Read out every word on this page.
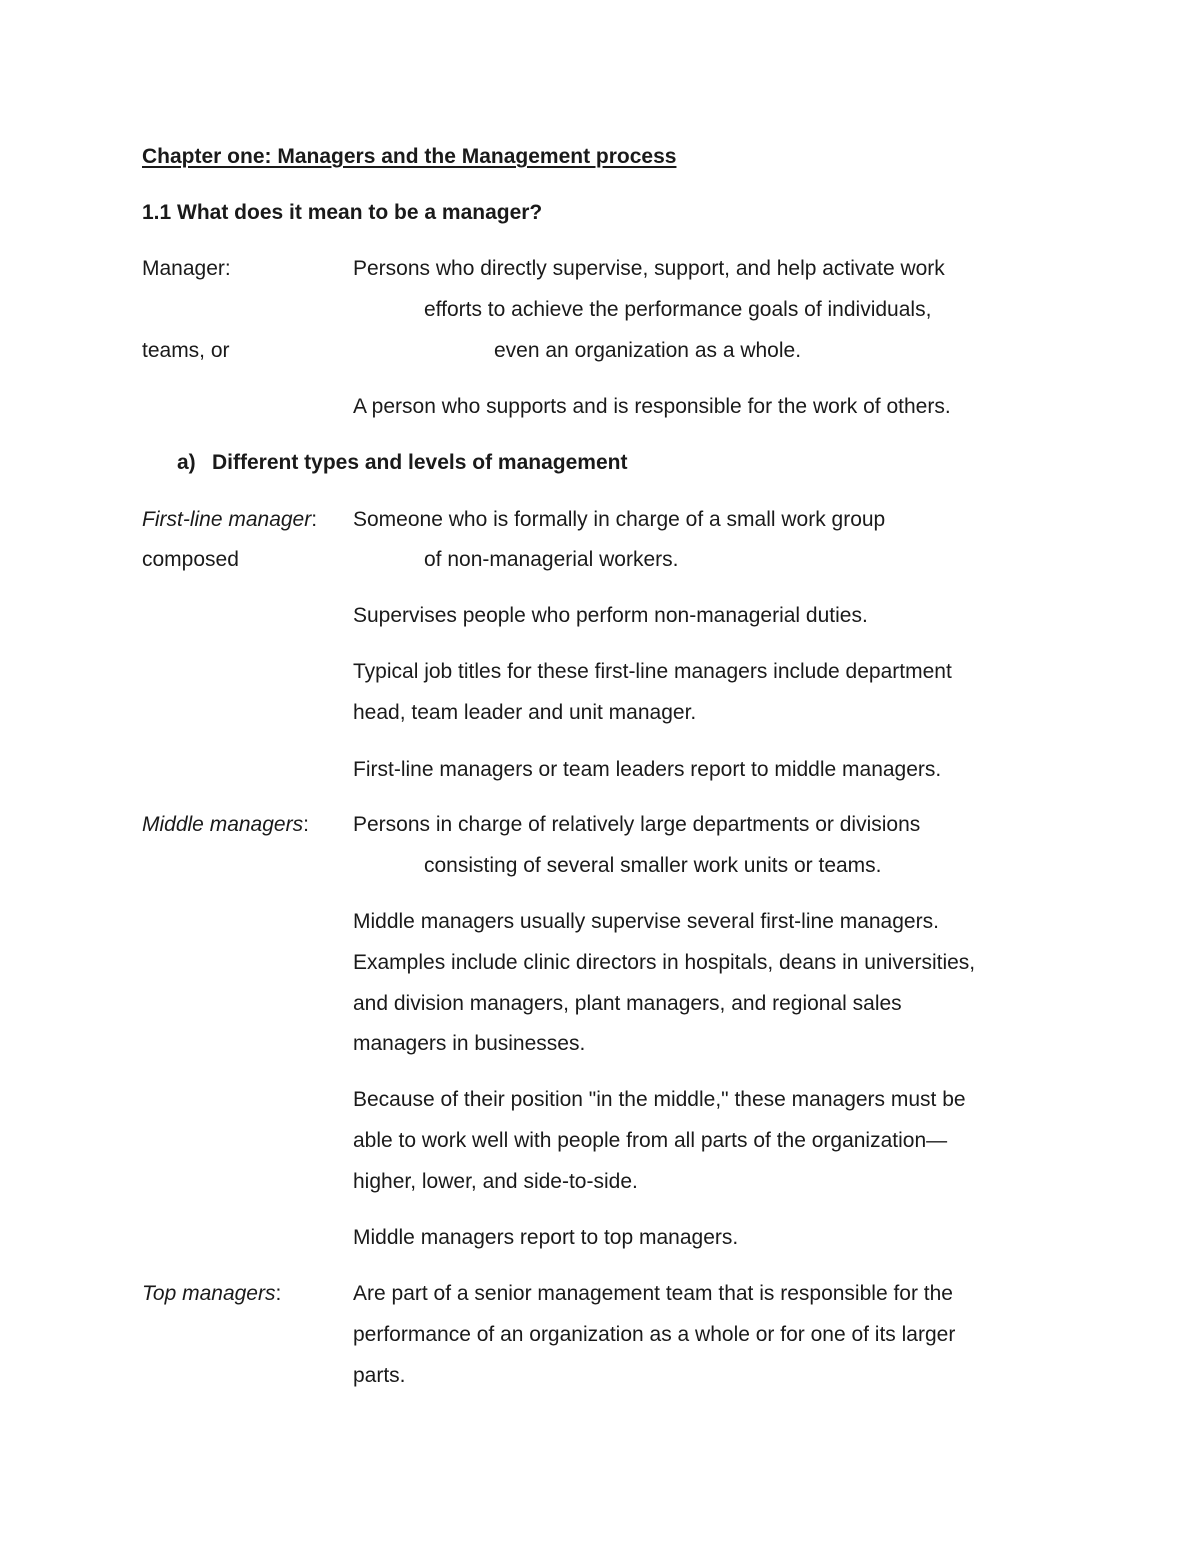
Chapter one: Managers and the Management process
1.1 What does it mean to be a manager?
Manager:	Persons who directly supervise, support, and help activate work
efforts to achieve the performance goals of individuals,
teams, or	even an organization as a whole.
A person who supports and is responsible for the work of others.
a) Different types and levels of management
First-line manager: Someone who is formally in charge of a small work group
composed	of non-managerial workers.
Supervises people who perform non-managerial duties.
Typical job titles for these first-line managers include department
head, team leader and unit manager.
First-line managers or team leaders report to middle managers.
Middle managers: Persons in charge of relatively large departments or divisions
consisting of several smaller work units or teams.
Middle managers usually supervise several first-line managers.
Examples include clinic directors in hospitals, deans in universities,
and division managers, plant managers, and regional sales
managers in businesses.
Because of their position "in the middle," these managers must be
able to work well with people from all parts of the organization—
higher, lower, and side-to-side.
Middle managers report to top managers.
Top managers:	Are part of a senior management team that is responsible for the
performance of an organization as a whole or for one of its larger
parts.
